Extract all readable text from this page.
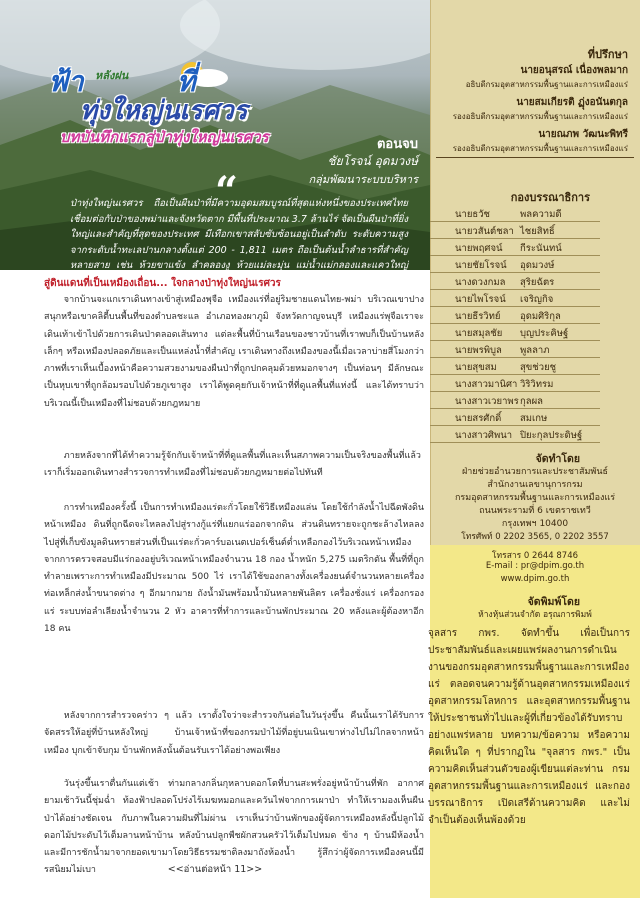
ฟ้า	ที่
หลังฝน
ทุ่งใหญ่นเรศวร
บทบันทึกแรกสู่ป่าทุ่งใหญ่นเรศวร	ตอนจบ
ชัยโรจน์ อุดมวงษ์
กลุ่มพัฒนาระบบบริหาร
“
ป่าทุ่งใหญ่นเรศวร ถือเป็นผืนป่าที่มีความอุดมสมบูรณ์ที่สุดแห่งหนึ่งของประเทศไทย เชื่อมต่อกับป่าของพม่าและจังหวัดตาก มีพื้นที่ประมาณ 3.7 ล้านไร่ จัดเป็นผืนป่าที่ยิ่งใหญ่และสำคัญที่สุดของประเทศ มีเทือกเขาสลับซับซ้อนอยู่เป็นลำดับ ระดับความสูงจากระดับน้ำทะเลปานกลางตั้งแต่ 200 - 1,811 เมตร ถือเป็นต้นน้ำลำธารที่สำคัญหลายสาย เช่น ห้วยขาแข้ง ลำคลองงู ห้วยแม่ละมุ่น แม่น้ำแม่กลองและแควใหญ่
”
ที่ปรึกษา
นายอนุสรณ์ เนื่องพลมาก
อธิบดีกรมอุตสาหกรรมพื้นฐานและการเหมืองแร่
นายสมเกียรติ ฏุ่งอนันตกุล
รองอธิบดีกรมอุตสาหกรรมพื้นฐานและการเหมืองแร่
นายณภพ วัฒนะพิทรี
รองอธิบดีกรมอุตสาหกรรมพื้นฐานและการเหมืองแร่
กองบรรณาธิการ
นายธวัช	พลความดี
นายวสันต์ชลา ไชยสิทธิ์
นายพฤศจน์ กีระนันทน์
นายชัยโรจน์ อุดมวงษ์
นางดวงกมล สุริยฉัตร
นายไพโรจน์ เจริญกิจ
นายธีรวิทย์ อุดมศิริกุล
นายสมุลชัย บุญประคิษฐ์
นายพรพิบูล พูลลาภ
นายสุขสม สุขช่วยชู
นางสาวมานิศา วิริวิทรม
นางสาวเวยาพร กุลผล
นายสรศักดิ์ สมเกษ
นางสาวศิพนา ปิยะกุลประดิษฐ์
จัดทำโดย
ฝ่ายช่วยอำนวยการและประชาสัมพันธ์
สำนักงานเลขานุการกรม
กรมอุตสาหกรรมพื้นฐานและการเหมืองแร่
ถนนพระรามที่ 6 เขตราชเทวี
กรุงเทพฯ 10400
โทรศัพท์ 0 2202 3565, 0 2202 3557
โทรสาร 0 2644 8746
E-mail : pr@dpim.go.th
www.dpim.go.th
จัดพิมพ์โดย
ห้างหุ้นส่วนจำกัด อรุณการพิมพ์
จุลสาร กพร. จัดทำขึ้น เพื่อเป็นการประชาสัมพันธ์และเผยแพร่ผลงานการดำเนินงานของกรมอุตสาหกรรมพื้นฐานและการเหมืองแร่ ตลอดจนความรู้ด้านอุตสาหกรรมเหมืองแร่ อุตสาหกรรมโลหการ และอุตสาหกรรมพื้นฐาน ให้ประชาชนทั่วไปและผู้ที่เกี่ยวข้องได้รับทราบอย่างแพร่หลาย บทความ/ข้อความ หรือความคิดเห็นใด ๆ ที่ปรากฏใน "จุลสาร กพร." เป็นความคิดเห็นส่วนตัวของผู้เขียนแต่ละท่าน กรมอุตสาหกรรมพื้นฐานและการเหมืองแร่ และกองบรรณาธิการ เปิดเสรีด้านความคิด และไม่จำเป็นต้องเห็นพ้องด้วย
สู่ดินแดนที่เป็นเหมืองเถื่อน... ใจกลางป่าทุ่งใหญ่นเรศวร
จากบ้านจะแกเราเดินทางเข้าสู่เหมืองพุจือ เหมืองแร่ที่อยู่ริมชายแดนไทย-พม่า บริเวณเขาปางสนุกหรือเขาคลิตี้บนพื้นที่ของตำบลชะแล อำเภอทองผาภูมิ จังหวัดกาญจนบุรี เหมืองแร่พุจือเราจะเดินเท้าเข้าไปด้วยการเดินป่าตลอดเส้นทาง แต่ละพื้นที่บ้านเรือนของชาวบ้านที่เราพบก็เป็นบ้านหลังเล็กๆ หรือเหมืองปลอดภัยและเป็นแหล่งน้ำที่สำคัญ เราเดินทางถึงเหมืองของนี้เมื่อเวลาบ่ายสี่โมงกว่า ภาพที่เราเห็นเบื้องหน้าคือความสวยงามของผืนป่าที่ถูกปกคลุมด้วยหมอกจางๆ เป็นท่อนๆ มีลักษณะเป็นหุบเขาที่ถูกล้อมรอบไปด้วยภูเขาสูง เราได้พูดคุยกับเจ้าหน้าที่ที่ดูแลพื้นที่แห่งนี้ และได้ทราบว่าบริเวณนี้เป็นเหมืองที่ไม่ชอบด้วยกฎหมาย
ภายหลังจากที่ได้ทำความรู้จักกับเจ้าหน้าที่ที่ดูแลพื้นที่และเห็นสภาพความเป็นจริงของพื้นที่แล้ว เราก็เริ่มออกเดินทางสำรวจการทำเหมืองที่ไม่ชอบด้วยกฎหมายต่อไปทันที
การทำเหมืองครั้งนี้ เป็นการทำเหมืองแร่ตะกั่วโดยใช้วิธีเหมืองแล่น โดยใช้กำลังน้ำไปฉีดพังดินหน้าเหมือง ดินที่ถูกฉีดจะไหลลงไปสู่รางกู้แร่ที่แยกแร่ออกจากดิน ส่วนดินทรายจะถูกชะล้างไหลลงไปสู่ที่เก็บขังมูลดินทรายส่วนที่เป็นแร่ตะกั่วคาร์บอเนตเปอร์เซ็นต์ต่ำเหลือกองไว้บริเวณหน้าเหมือง จากการตรวจสอบมีแร่กองอยู่บริเวณหน้าเหมืองจำนวน 18 กอง น้ำหนัก 5,275 เมตริกตัน พื้นที่ที่ถูกทำลายเพราะการทำเหมืองมีประมาณ 500 ไร่ เราได้ใช้ของกลางทั้งเครื่องยนต์จำนวนหลายเครื่อง ท่อเหล็กส่งน้ำขนาดต่าง ๆ อีกมากมาย ถังน้ำมันพร้อมน้ำมันหลายพันลิตร เครื่องชั่งแร่ เครื่องกรองแร่ ระบบท่อลำเลียงน้ำจำนวน 2 หัว อาคารที่ทำการและบ้านพักประมาณ 20 หลังและผู้ต้องหาอีก 18 คน
หลังจากการสำรวจคร่าว ๆ แล้ว เราตั้งใจว่าจะสำรวจกันต่อในวันรุ่งขึ้น คืนนั้นเราได้รับการจัดสรรให้อยู่ที่บ้านหลังใหญ่ บ้านเจ้าหน้าที่ของกรมป่าไม้ที่อยู่บนเนินเขาห่างไปไม่ไกลจากหน้าเหมือง บุกเข้าจับกุม บ้านพักหลังนั้นต้อนรับเราได้อย่างพอเพียง
วันรุ่งขึ้นเราตื่นกันแต่เช้า ท่ามกลางกลิ่นกุหลาบดอกโตที่บานสะพรั่งอยู่หน้าบ้านที่พัก อากาศยามเช้าวันนี้ชุ่มฉ่ำ ท้องฟ้าปลอดโปร่งไร้เมฆหมอกและควันไฟจากการเผาป่า ทำให้เรามองเห็นผืนป่าได้อย่างชัดเจน กับภาพในความฝันที่ไม่ผ่าน เราเห็นว่าบ้านพักของผู้จัดการเหมืองหลังนี้ปลูกไม้ดอกไม้ประดับไว้เต็มลานหน้าบ้าน หลังบ้านปลูกพืชผักสวนครัวไว้เต็มไปหมด ข้าง ๆ บ้านมีห้องน้ำและมีการชักน้ำมาจากยอดเขามาโดยวิธีธรรมชาติลงมาถังห้องน้ำ รู้สึกว่าผู้จัดการเหมืองคนนี้มีรสนิยมไม่เบา	<<อ่านต่อหน้า 11>>
